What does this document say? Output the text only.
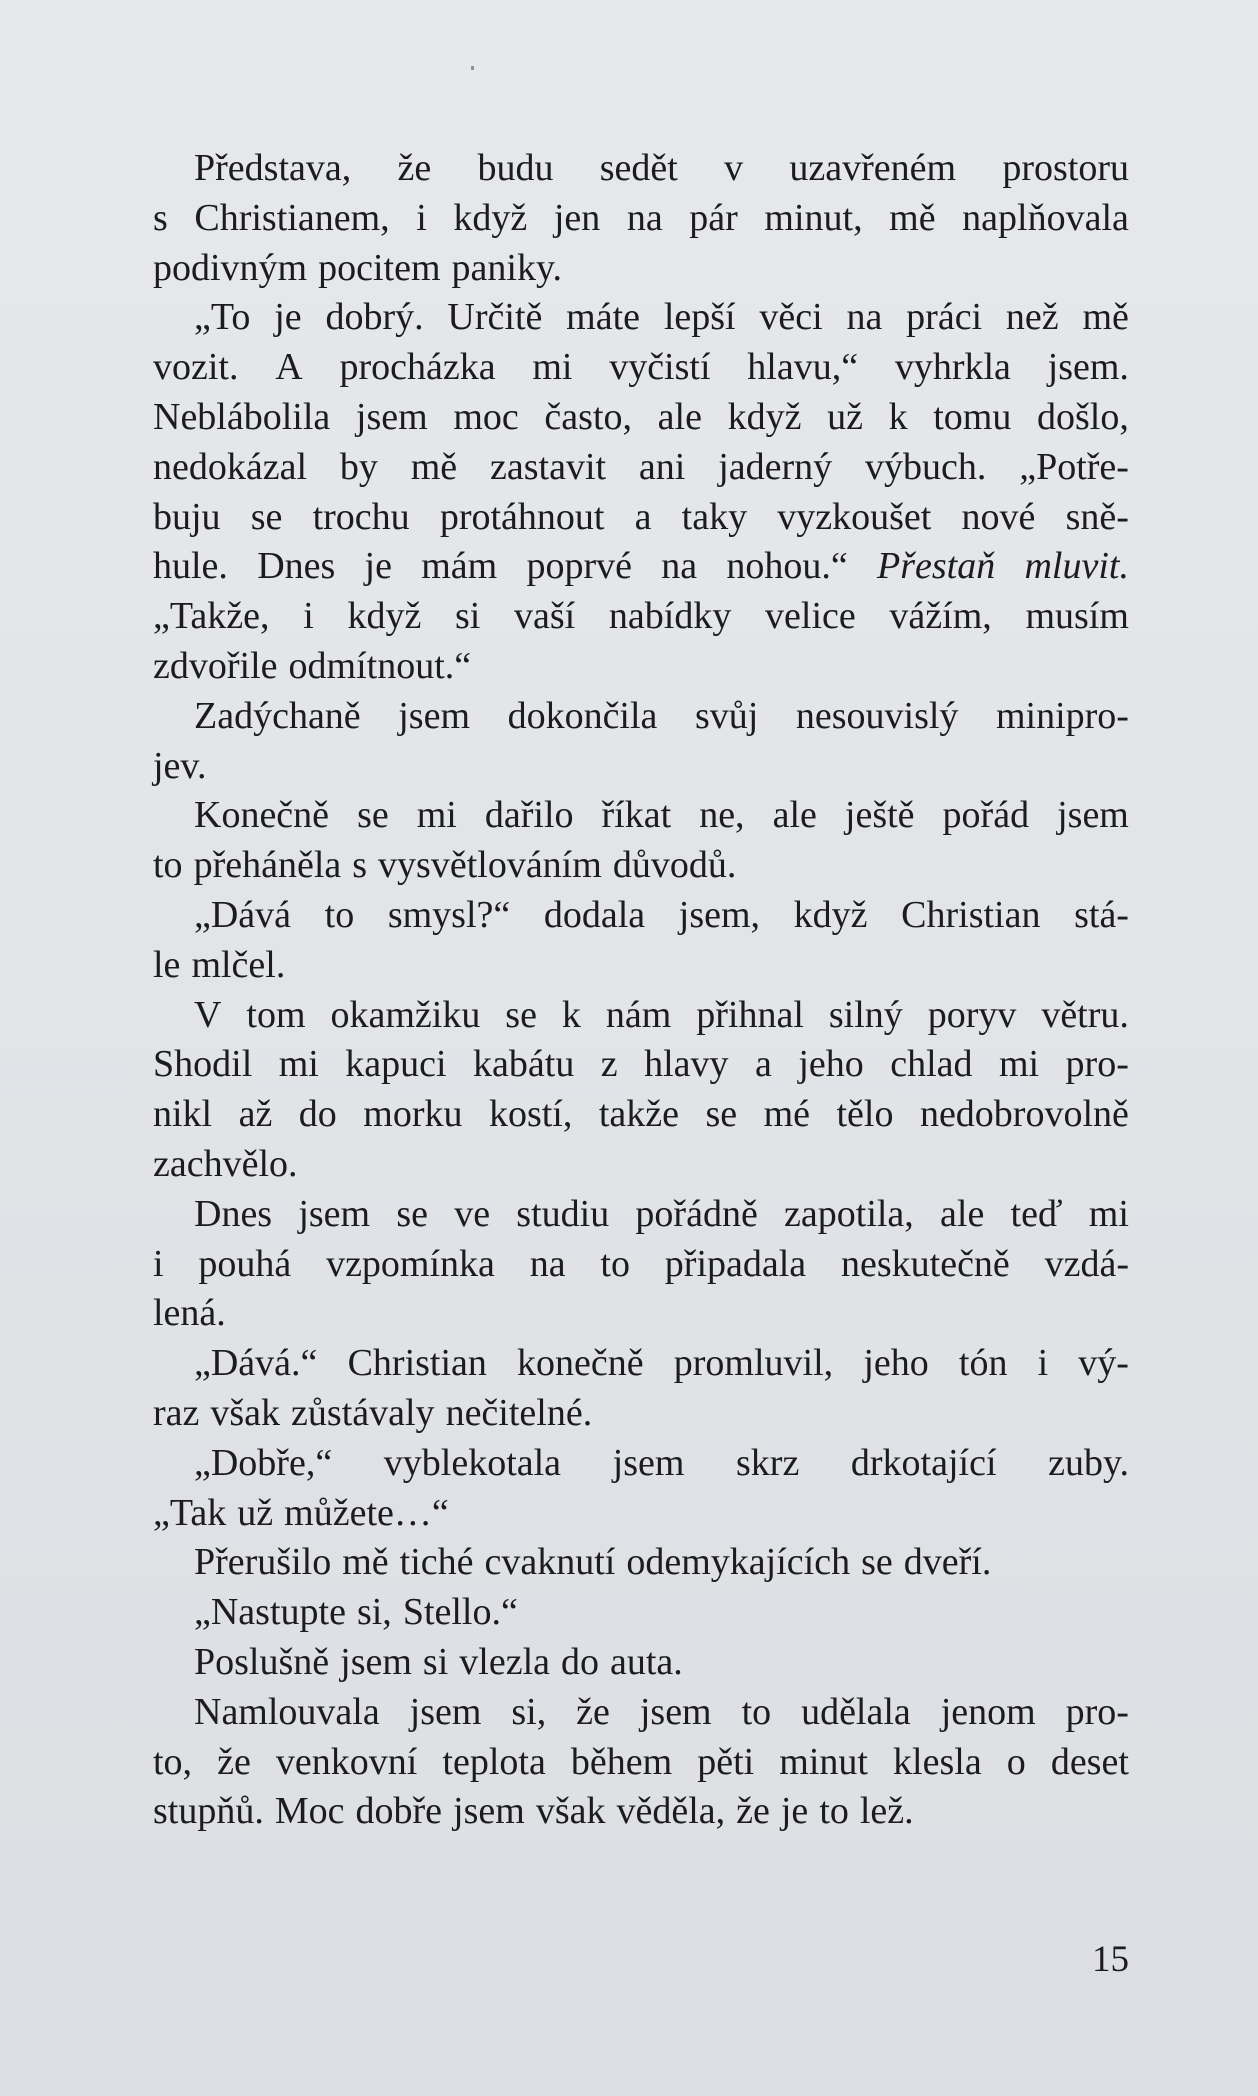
Představa, že budu sedět v uzavřeném prostoru
s Christianem, i když jen na pár minut, mě naplňovala
podivným pocitem paniky.
„To je dobrý. Určitě máte lepší věci na práci než mě
vozit. A procházka mi vyčistí hlavu,“ vyhrkla jsem.
Neblábolila jsem moc často, ale když už k tomu došlo,
nedokázal by mě zastavit ani jaderný výbuch. „Potře-
buju se trochu protáhnout a taky vyzkoušet nové sně-
hule. Dnes je mám poprvé na nohou.“ Přestaň mluvit.
„Takže, i když si vaší nabídky velice vážím, musím
zdvořile odmítnout.“
Zadýchaně jsem dokončila svůj nesouvislý minipro-
jev.
Konečně se mi dařilo říkat ne, ale ještě pořád jsem
to přeháněla s vysvětlováním důvodů.
„Dává to smysl?“ dodala jsem, když Christian stá-
le mlčel.
V tom okamžiku se k nám přihnal silný poryv větru.
Shodil mi kapuci kabátu z hlavy a jeho chlad mi pro-
nikl až do morku kostí, takže se mé tělo nedobrovolně
zachvělo.
Dnes jsem se ve studiu pořádně zapotila, ale teď mi
i pouhá vzpomínka na to připadala neskutečně vzdá-
lená.
„Dává.“ Christian konečně promluvil, jeho tón i vý-
raz však zůstávaly nečitelné.
„Dobře,“ vyblekotala jsem skrz drkotající zuby.
„Tak už můžete…“
Přerušilo mě tiché cvaknutí odemykajících se dveří.
„Nastupte si, Stello.“
Poslušně jsem si vlezla do auta.
Namlouvala jsem si, že jsem to udělala jenom pro-
to, že venkovní teplota během pěti minut klesla o deset
stupňů. Moc dobře jsem však věděla, že je to lež.
15
